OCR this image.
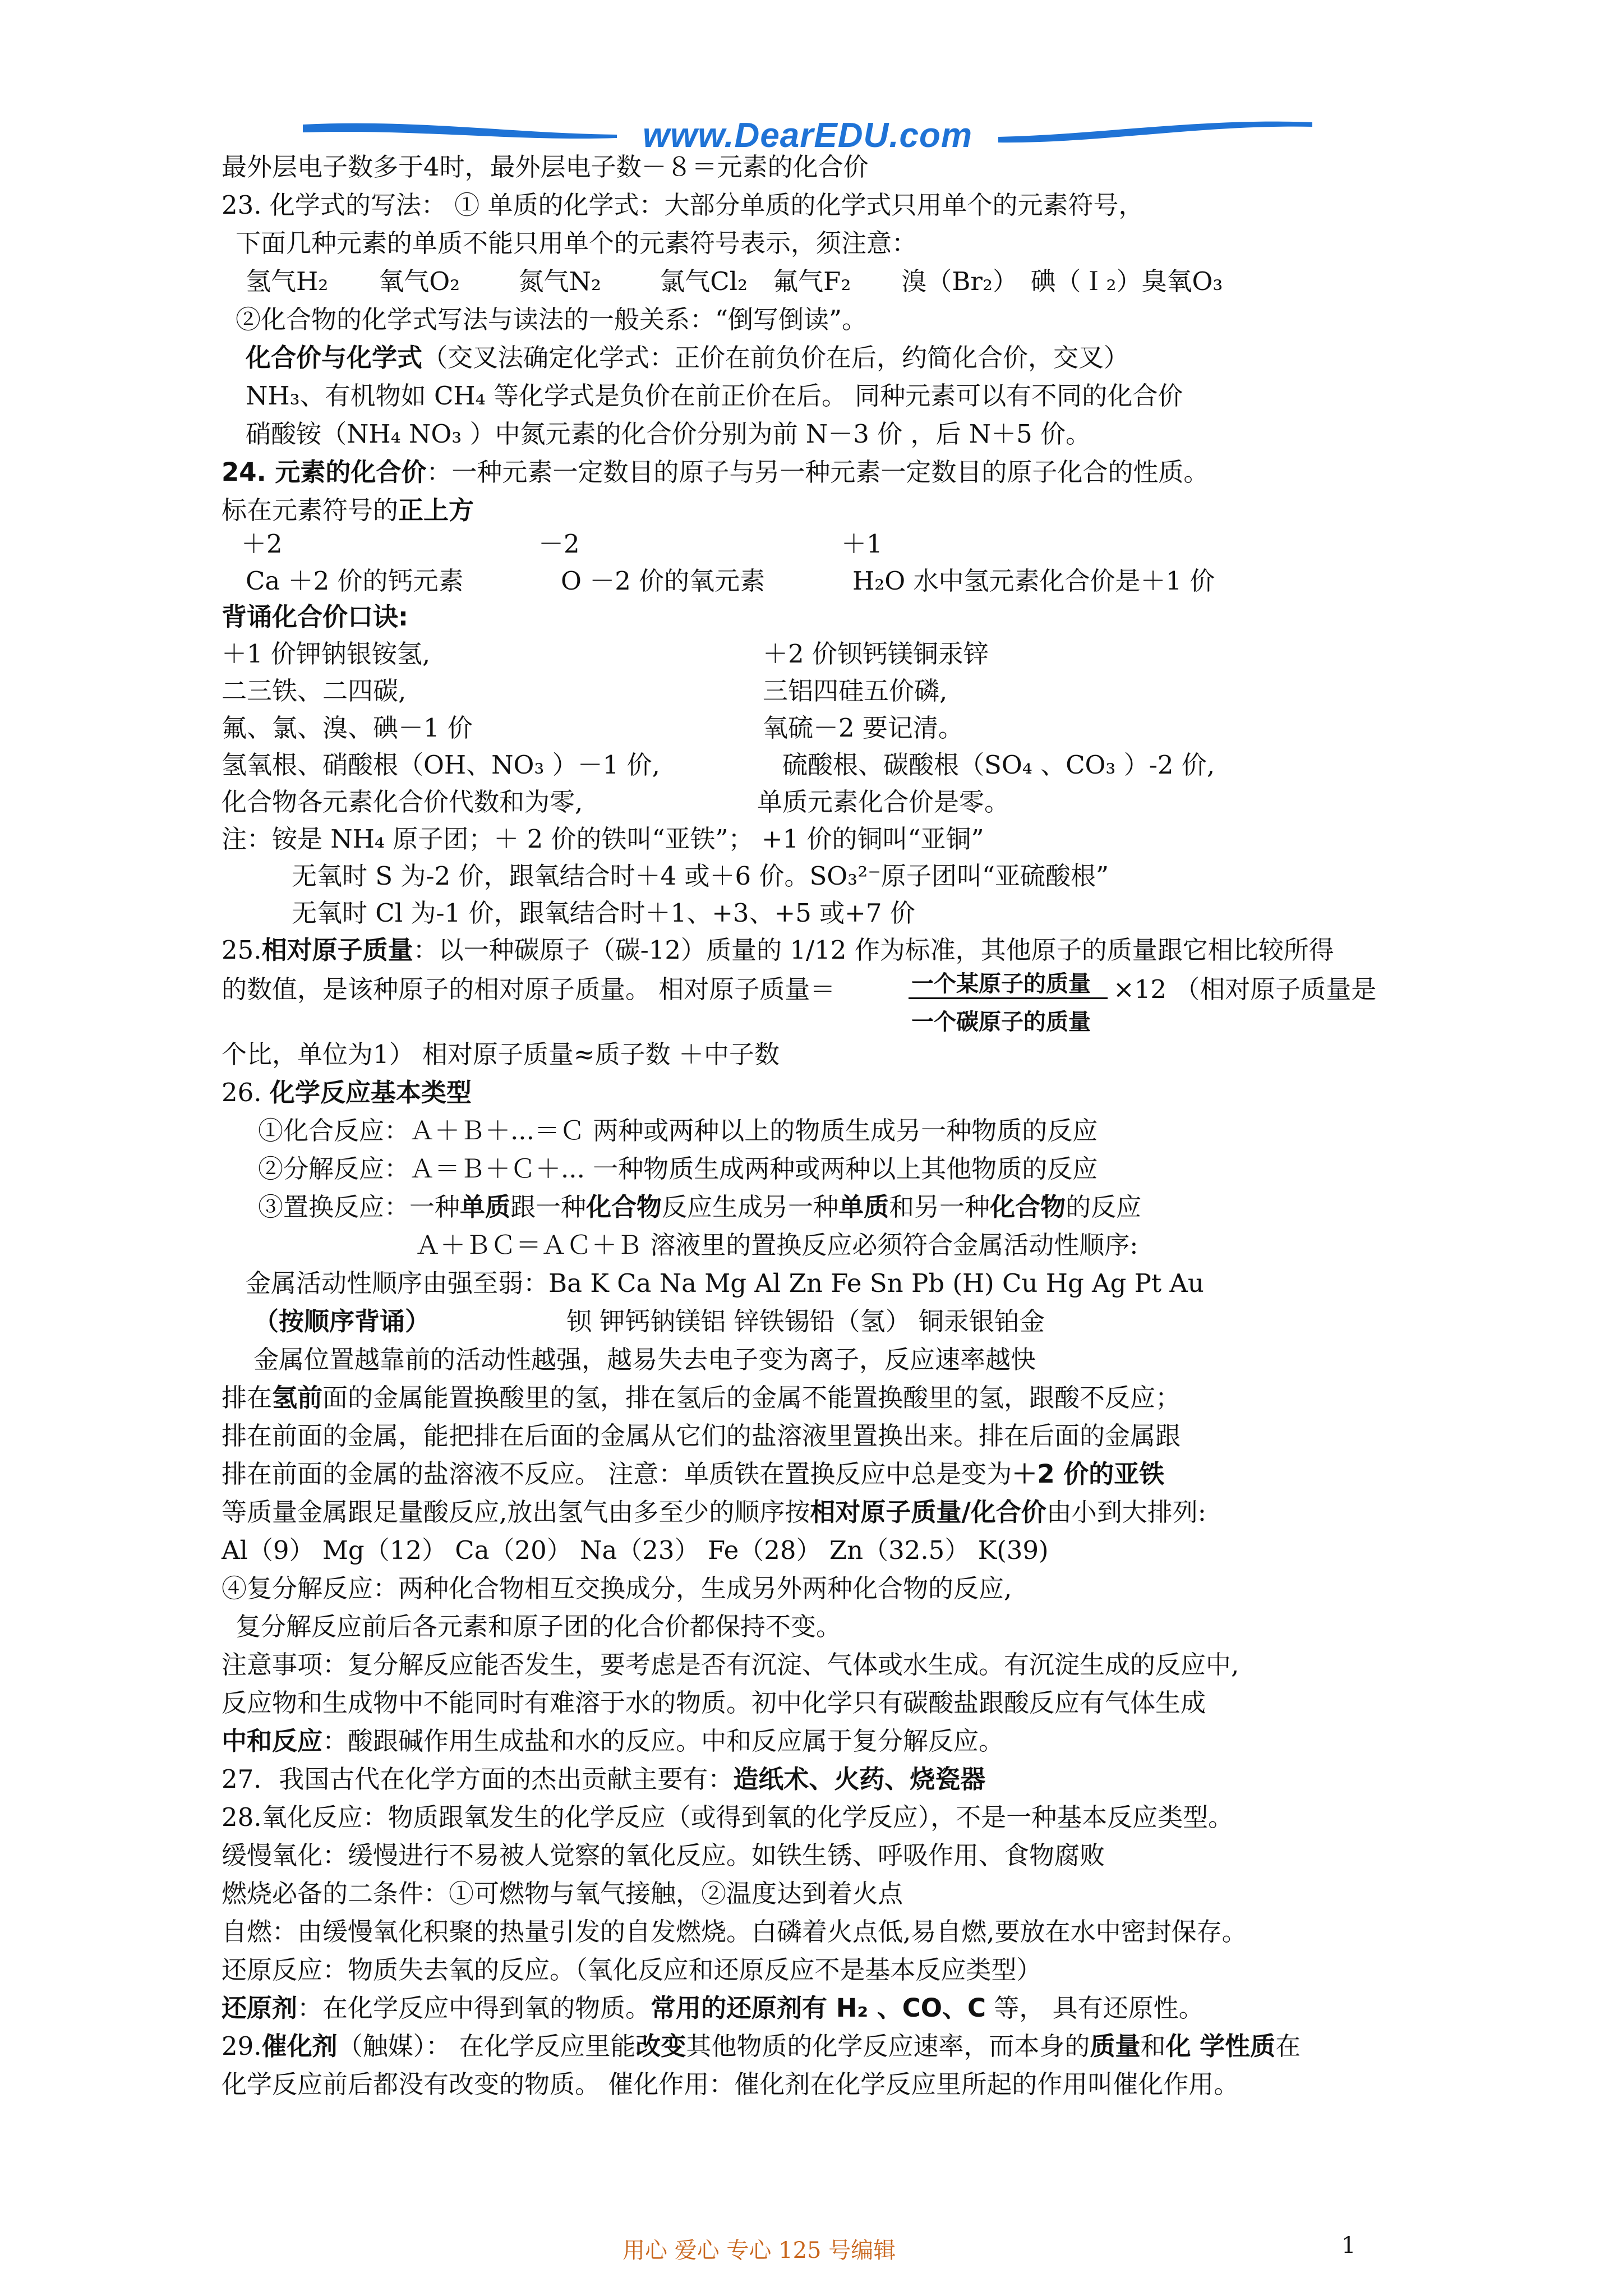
www.DearEDU.com
最外层电子数多于4时，最外层电子数－８＝元素的化合价
23. 化学式的写法： ① 单质的化学式：大部分单质的化学式只用单个的元素符号，
下面几种元素的单质不能只用单个的元素符号表示，须注意：
氢气H₂　　氧气O₂　　 氮气N₂　　 氯气Cl₂　氟气F₂　　溴（Br₂）　碘（Ｉ₂）臭氧O₃
②化合物的化学式写法与读法的一般关系：“倒写倒读”。
化合价与化学式（交叉法确定化学式：正价在前负价在后，约简化合价，交叉）
NH₃、有机物如 CH₄ 等化学式是负价在前正价在后。 同种元素可以有不同的化合价
硝酸铵（NH₄ NO₃ ）中氮元素的化合价分别为前 N－3 价 ，后 N＋5 价。
24. 元素的化合价：一种元素一定数目的原子与另一种元素一定数目的原子化合的性质。
标在元素符号的正上方
＋2	－2	＋1
Ca ＋2 价的钙元素	O －2 价的氧元素	H₂O 水中氢元素化合价是＋1 价
背诵化合价口诀:
＋1 价钾钠银铵氢,	＋2 价钡钙镁铜汞锌
二三铁、二四碳,	三铝四硅五价磷,
氟、氯、溴、碘－1 价	氧硫－2 要记清。
氢氧根、硝酸根（OH、NO₃ ）－1 价,	硫酸根、碳酸根（SO₄ 、CO₃ ）-2 价,
化合物各元素化合价代数和为零,	单质元素化合价是零。
注：铵是 NH₄ 原子团；＋ 2 价的铁叫“亚铁”； +1 价的铜叫“亚铜”
无氧时 S 为-2 价，跟氧结合时＋4 或＋6 价。SO₃²⁻原子团叫“亚硫酸根”
无氧时 Cl 为-1 价，跟氧结合时＋1、+3、+5 或+7 价
25.相对原子质量：以一种碳原子（碳-12）质量的 1/12 作为标准，其他原子的质量跟它相比较所得
的数值，是该种原子的相对原子质量。 相对原子质量＝	一个某原子的质量
一个碳原子的质量
×12 （相对原子质量是
个比，单位为1） 相对原子质量≈质子数 ＋中子数
26. 化学反应基本类型
①化合反应：Ａ＋Ｂ＋...＝Ｃ 两种或两种以上的物质生成另一种物质的反应
②分解反应：Ａ＝Ｂ＋Ｃ＋... 一种物质生成两种或两种以上其他物质的反应
③置换反应：一种单质跟一种化合物反应生成另一种单质和另一种化合物的反应
Ａ＋ＢＣ＝ＡＣ＋Ｂ 溶液里的置换反应必须符合金属活动性顺序:
金属活动性顺序由强至弱：Ba K Ca Na Mg Al Zn Fe Sn Pb (H) Cu Hg Ag Pt Au
（按顺序背诵）	钡 钾钙钠镁铝 锌铁锡铅（氢） 铜汞银铂金
金属位置越靠前的活动性越强，越易失去电子变为离子，反应速率越快
排在氢前面的金属能置换酸里的氢，排在氢后的金属不能置换酸里的氢，跟酸不反应；
排在前面的金属，能把排在后面的金属从它们的盐溶液里置换出来。排在后面的金属跟
排在前面的金属的盐溶液不反应。 注意：单质铁在置换反应中总是变为＋2 价的亚铁
等质量金属跟足量酸反应,放出氢气由多至少的顺序按相对原子质量/化合价由小到大排列:
Al（9） Mg（12） Ca（20） Na（23） Fe（28） Zn（32.5） K(39)
④复分解反应：两种化合物相互交换成分，生成另外两种化合物的反应,
复分解反应前后各元素和原子团的化合价都保持不变。
注意事项：复分解反应能否发生，要考虑是否有沉淀、气体或水生成。有沉淀生成的反应中,
反应物和生成物中不能同时有难溶于水的物质。初中化学只有碳酸盐跟酸反应有气体生成
中和反应：酸跟碱作用生成盐和水的反应。中和反应属于复分解反应。
27．我国古代在化学方面的杰出贡献主要有：造纸术、火药、烧瓷器
28.氧化反应：物质跟氧发生的化学反应（或得到氧的化学反应），不是一种基本反应类型。
缓慢氧化：缓慢进行不易被人觉察的氧化反应。如铁生锈、呼吸作用、食物腐败
燃烧必备的二条件：①可燃物与氧气接触，②温度达到着火点
自燃：由缓慢氧化积聚的热量引发的自发燃烧。白磷着火点低,易自燃,要放在水中密封保存。
还原反应：物质失去氧的反应。（氧化反应和还原反应不是基本反应类型）
还原剂：在化学反应中得到氧的物质。常用的还原剂有 H₂ 、CO、C 等， 具有还原性。
29.催化剂（触媒）： 在化学反应里能改变其他物质的化学反应速率，而本身的质量和化 学性质在
化学反应前后都没有改变的物质。 催化作用：催化剂在化学反应里所起的作用叫催化作用。
用心 爱心 专心 125 号编辑	1
